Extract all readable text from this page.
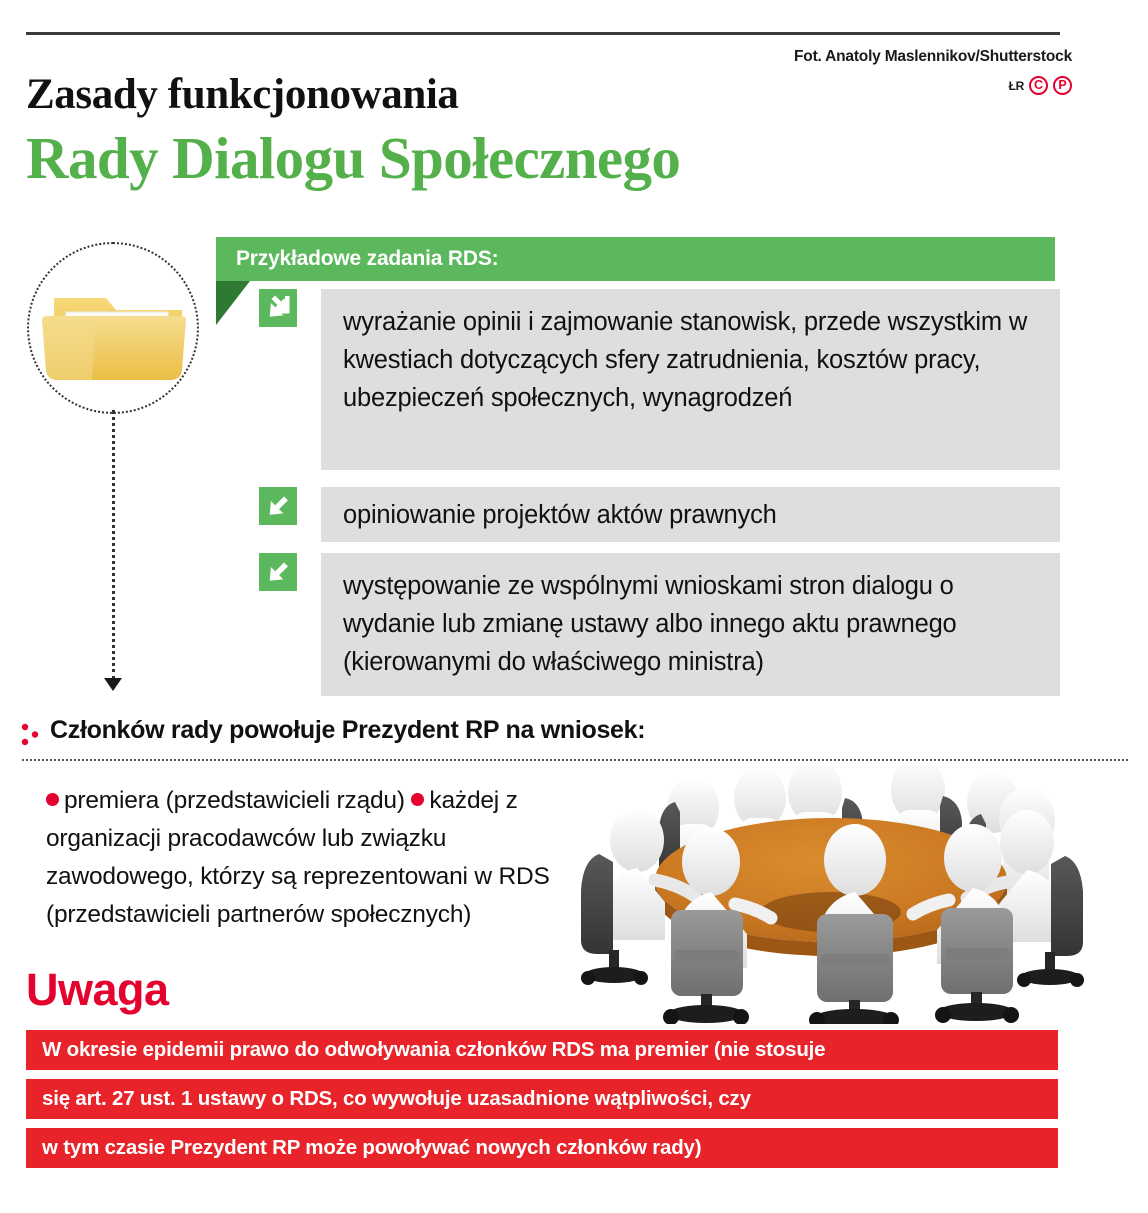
Fot. Anatoly Maslennikov/Shutterstock
ŁR C	P
Zasady funkcjonowania
Rady Dialogu Społecznego
Przykładowe zadania RDS:
wyrażanie opinii i zajmowanie stanowisk, przede wszystkim w kwestiach dotyczących sfery zatrudnienia, kosztów pracy, ubezpieczeń społecznych, wynagrodzeń
opiniowanie projektów aktów prawnych
występowanie ze wspólnymi wnioskami stron dialogu o wydanie lub zmianę ustawy albo innego aktu prawnego (kierowanymi do właściwego ministra)
Członków rady powołuje Prezydent RP na wniosek:
premiera (przedstawicieli rządu) każdej z organizacji pracodawców lub związku zawodowego, którzy są reprezentowani w RDS (przedstawicieli partnerów społecznych)
Uwaga
W okresie epidemii prawo do odwoływania członków RDS ma premier (nie stosuje
się art. 27 ust. 1 ustawy o RDS, co wywołuje uzasadnione wątpliwości, czy
w tym czasie Prezydent RP może powoływać nowych członków rady)
